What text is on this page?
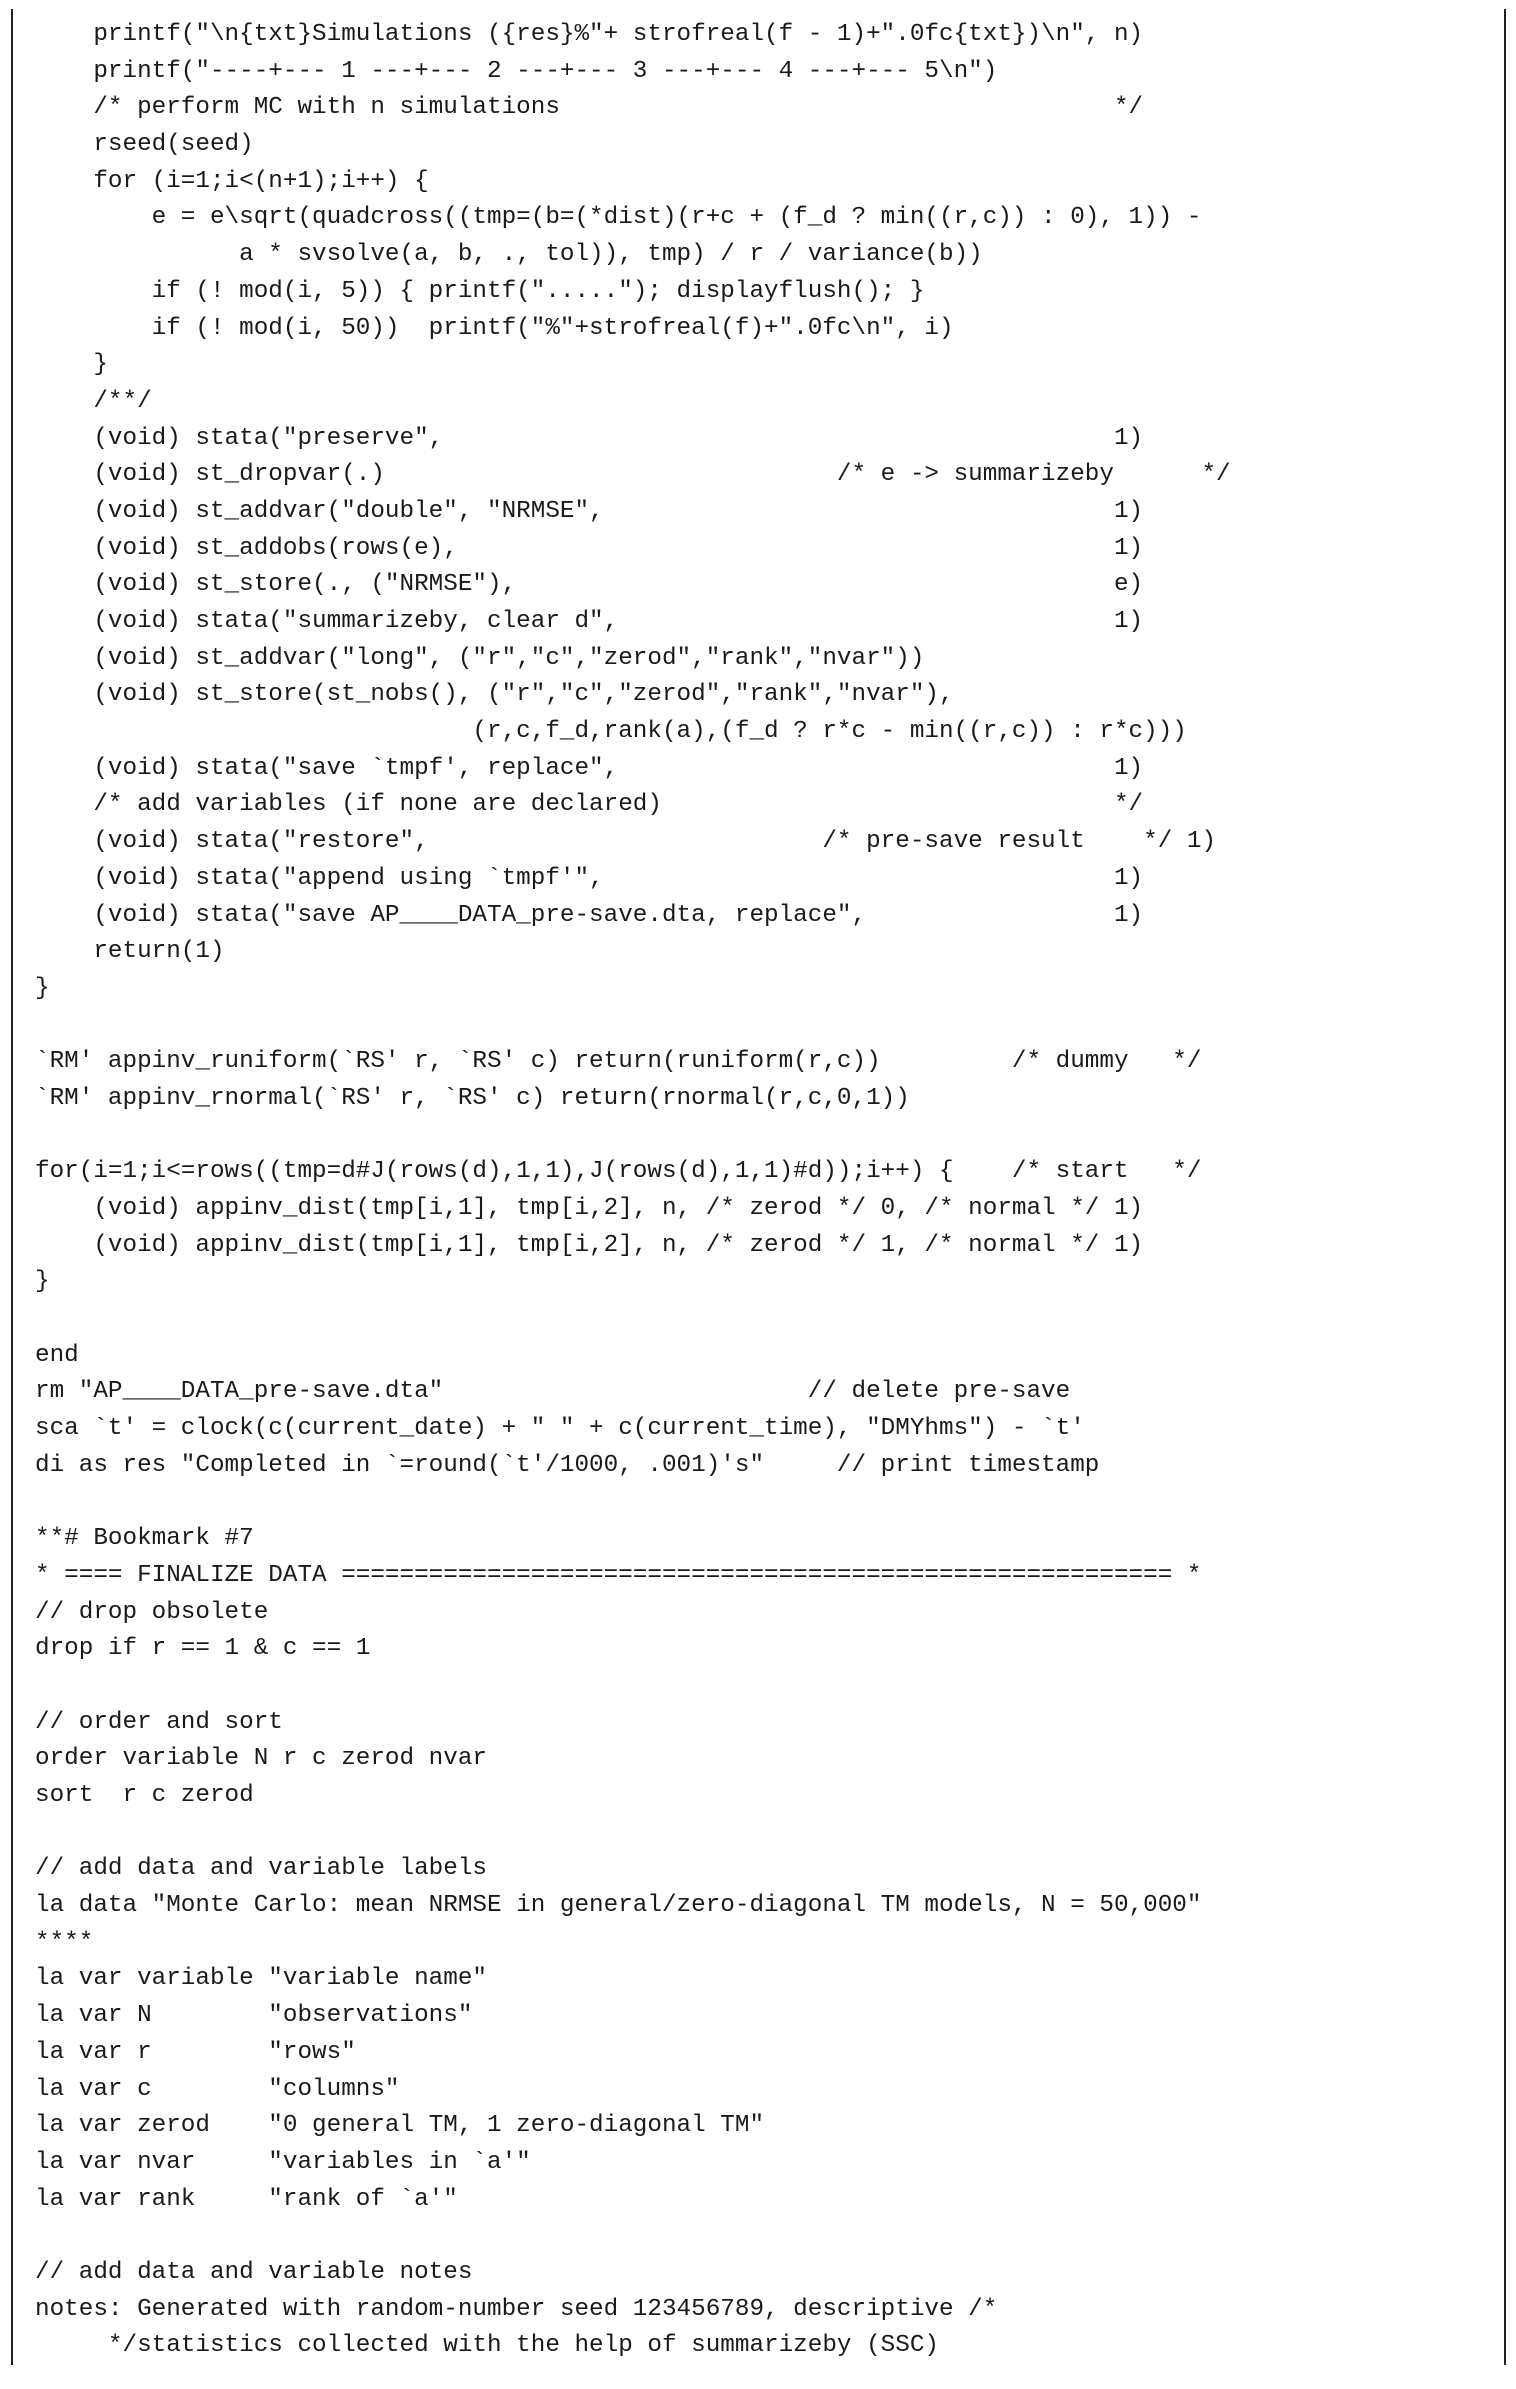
printf("\n{txt}Simulations ({res}%"+ strofreal(f - 1)+".0fc{txt})\n", n)
printf("----+--- 1 ---+--- 2 ---+--- 3 ---+--- 4 ---+--- 5\n")
/* perform MC with n simulations                                      */
rseed(seed)
for (i=1;i<(n+1);i++) {
e = e\sqrt(quadcross((tmp=(b=(*dist)(r+c + (f_d ? min((r,c)) : 0), 1)) -
a * svsolve(a, b, ., tol)), tmp) / r / variance(b))
if (! mod(i, 5)) { printf("....."); displayflush(); }
if (! mod(i, 50))  printf("%"+strofreal(f)+".0fc\n", i)
}
/**/
(void) stata("preserve",                                              1)
(void) st_dropvar(.)                               /* e -> summarizeby      */
(void) st_addvar("double", "NRMSE",                                   1)
(void) st_addobs(rows(e),                                             1)
(void) st_store(., ("NRMSE"),                                         e)
(void) stata("summarizeby, clear d",                                  1)
(void) st_addvar("long", ("r","c","zerod","rank","nvar"))
(void) st_store(st_nobs(), ("r","c","zerod","rank","nvar"),
(r,c,f_d,rank(a),(f_d ? r*c - min((r,c)) : r*c)))
(void) stata("save `tmpf', replace",                                  1)
/* add variables (if none are declared)                               */
(void) stata("restore",                           /* pre-save result    */ 1)
(void) stata("append using `tmpf'",                                   1)
(void) stata("save AP____DATA_pre-save.dta, replace",                 1)
return(1)
}

`RM' appinv_runiform(`RS' r, `RS' c) return(runiform(r,c))         /* dummy   */
`RM' appinv_rnormal(`RS' r, `RS' c) return(rnormal(r,c,0,1))

for(i=1;i<=rows((tmp=d#J(rows(d),1,1),J(rows(d),1,1)#d));i++) {    /* start   */
(void) appinv_dist(tmp[i,1], tmp[i,2], n, /* zerod */ 0, /* normal */ 1)
(void) appinv_dist(tmp[i,1], tmp[i,2], n, /* zerod */ 1, /* normal */ 1)
}

end
rm "AP____DATA_pre-save.dta"                         // delete pre-save
sca `t' = clock(c(current_date) + " " + c(current_time), "DMYhms") - `t'
di as res "Completed in `=round(`t'/1000, .001)'s"     // print timestamp

**# Bookmark #7
* ==== FINALIZE DATA ========================================================= *
// drop obsolete
drop if r == 1 & c == 1

// order and sort
order variable N r c zerod nvar
sort  r c zerod

// add data and variable labels
la data "Monte Carlo: mean NRMSE in general/zero-diagonal TM models, N = 50,000"
****
la var variable "variable name"
la var N        "observations"
la var r        "rows"
la var c        "columns"
la var zerod    "0 general TM, 1 zero-diagonal TM"
la var nvar     "variables in `a'"
la var rank     "rank of `a'"

// add data and variable notes
notes: Generated with random-number seed 123456789, descriptive /*
*/statistics collected with the help of summarizeby (SSC)
